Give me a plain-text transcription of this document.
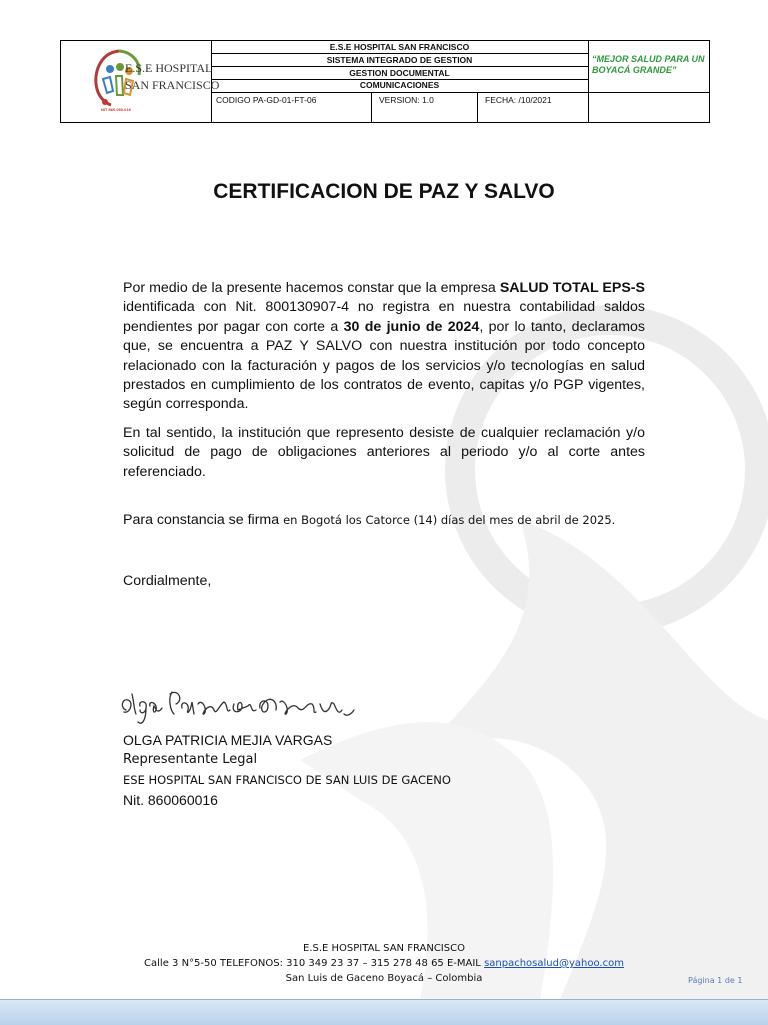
E.S.E HOSPITAL
SAN FRANCISCO
NIT 860.060.016
E.S.E HOSPITAL SAN FRANCISCO
SISTEMA INTEGRADO DE GESTION
GESTION DOCUMENTAL
COMUNICACIONES
CODIGO PA-GD-01-FT-06	VERSION: 1.0	FECHA: /10/2021
“MEJOR SALUD PARA UN BOYACÁ GRANDE”
CERTIFICACION DE PAZ Y SALVO
Por medio de la presente hacemos constar que la empresa SALUD TOTAL EPS-S identificada con Nit. 800130907-4 no registra en nuestra contabilidad saldos pendientes por pagar con corte a 30 de junio de 2024, por lo tanto, declaramos que, se encuentra a PAZ Y SALVO con nuestra institución por todo concepto relacionado con la facturación y pagos de los servicios y/o tecnologías en salud prestados en cumplimiento de los contratos de evento, capitas y/o PGP vigentes, según corresponda.
En tal sentido, la institución que represento desiste de cualquier reclamación y/o solicitud de pago de obligaciones anteriores al periodo y/o al corte antes referenciado.
Para constancia se firma en Bogotá los Catorce (14) días del mes de abril de 2025.
Cordialmente,
OLGA PATRICIA MEJIA VARGAS
Representante Legal
ESE HOSPITAL SAN FRANCISCO DE SAN LUIS DE GACENO
Nit. 860060016
E.S.E HOSPITAL SAN FRANCISCO
Calle 3 N°5-50 TELEFONOS: 310 349 23 37 – 315 278 48 65 E-MAIL sanpachosalud@yahoo.com
San Luis de Gaceno Boyacá – Colombia	Página 1 de 1
